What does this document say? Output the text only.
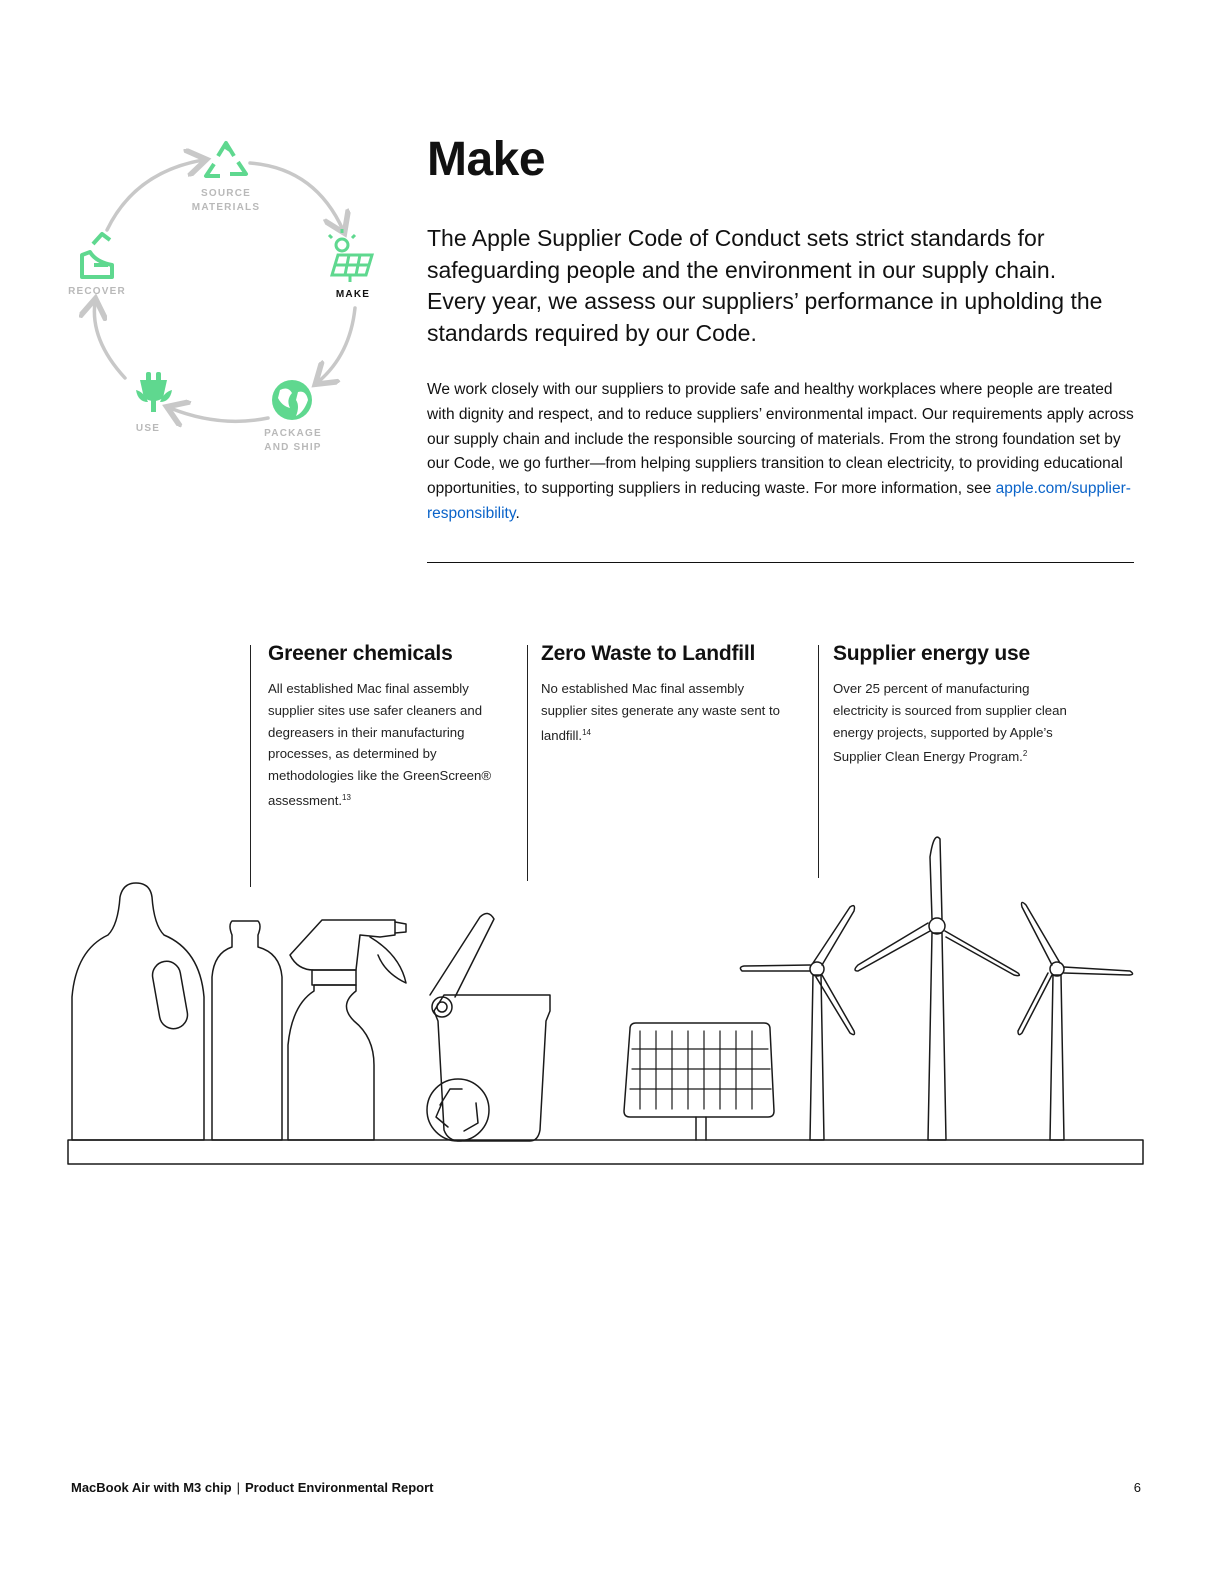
SOURCE
MATERIALS
MAKE
PACKAGE
AND SHIP
USE
RECOVER
Make

The Apple Supplier Code of Conduct sets strict standards for safeguarding people and the environment in our supply chain. Every year, we assess our suppliers’ performance in upholding the standards required by our Code.

We work closely with our suppliers to provide safe and healthy workplaces where people are treated with dignity and respect, and to reduce suppliers’ environmental impact. Our requirements apply across our supply chain and include the responsible sourcing of materials. From the strong foundation set by our Code, we go further—from helping suppliers transition to clean electricity, to providing educational opportunities, to supporting suppliers in reducing waste. For more information, see apple.com/supplier-responsibility.

Greener chemicals

All established Mac final assembly supplier sites use safer cleaners and degreasers in their manufacturing processes, as determined by methodologies like the GreenScreen® assessment.$^{13}$

Zero Waste to Landfill

No established Mac final assembly supplier sites generate any waste sent to landfill.$^{14}$

Supplier energy use

Over 25 percent of manufacturing electricity is sourced from supplier clean energy projects, supported by Apple’s Supplier Clean Energy Program.$^2$

MacBook Air with M3 chip | Product Environmental Report	6
